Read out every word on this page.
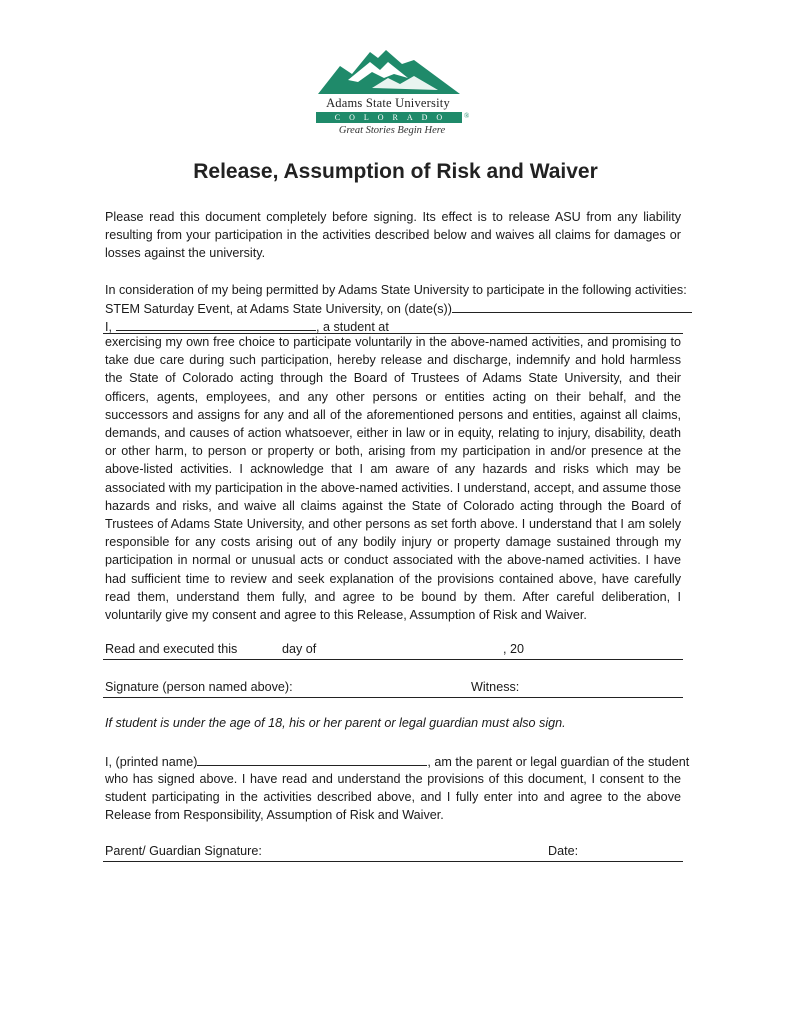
Adams State University
COLORADO	®
Great Stories Begin Here
Release, Assumption of Risk and Waiver
Please read this document completely before signing. Its effect is to release ASU from any liability resulting from your participation in the activities described below and waives all claims for damages or losses against the university.
In consideration of my being permitted by Adams State University to participate in the following activities:
STEM Saturday Event, at Adams State University, on (date(s))
I,	, a student at
exercising my own free choice to participate voluntarily in the above-named activities, and promising to take due care during such participation, hereby release and discharge, indemnify and hold harmless the State of Colorado acting through the Board of Trustees of Adams State University, and their officers, agents, employees, and any other persons or entities acting on their behalf, and the successors and assigns for any and all of the aforementioned persons and entities, against all claims, demands, and causes of action whatsoever, either in law or in equity, relating to injury, disability, death or other harm, to person or property or both, arising from my participation in and/or presence at the above-listed activities. I acknowledge that I am aware of any hazards and risks which may be associated with my participation in the above-named activities. I understand, accept, and assume those hazards and risks, and waive all claims against the State of Colorado acting through the Board of Trustees of Adams State University, and other persons as set forth above. I understand that I am solely responsible for any costs arising out of any bodily injury or property damage sustained through my participation in normal or unusual acts or conduct associated with the above-named activities. I have had sufficient time to review and seek explanation of the provisions contained above, have carefully read them, understand them fully, and agree to be bound by them. After careful deliberation, I voluntarily give my consent and agree to this Release, Assumption of Risk and Waiver.
Read and executed this	day of	, 20
Signature (person named above):	Witness:
If student is under the age of 18, his or her parent or legal guardian must also sign.
I, (printed name)	, am the parent or legal guardian of the student
who has signed above. I have read and understand the provisions of this document, I consent to the student participating in the activities described above, and I fully enter into and agree to the above Release from Responsibility, Assumption of Risk and Waiver.
Parent/ Guardian Signature:	Date:
